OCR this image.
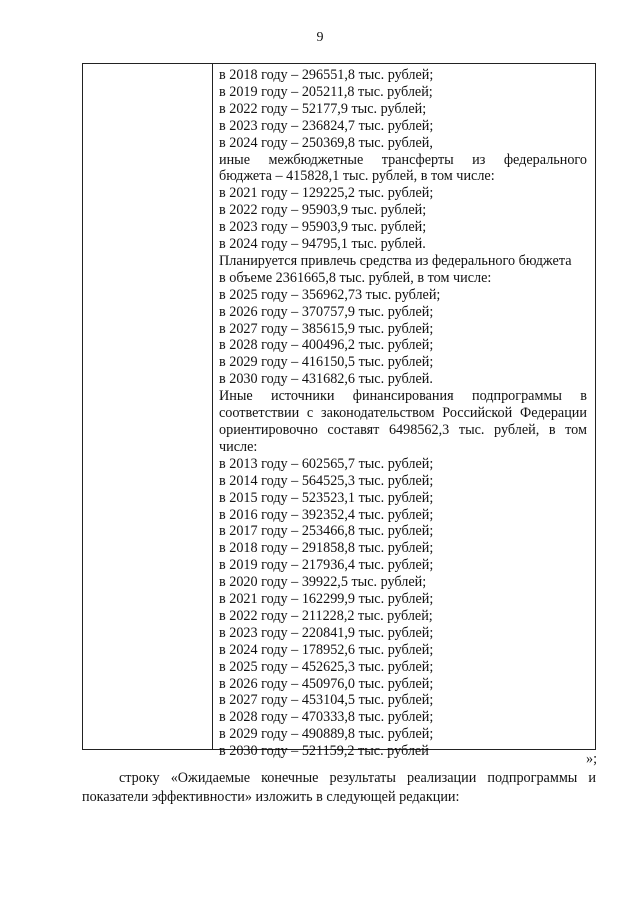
9
в 2018 году – 296551,8 тыс. рублей;
в 2019 году – 205211,8 тыс. рублей;
в 2022 году – 52177,9 тыс. рублей;
в 2023 году – 236824,7 тыс. рублей;
в 2024 году – 250369,8 тыс. рублей,
иные межбюджетные трансферты из федерального
бюджета – 415828,1 тыс. рублей, в том числе:
в 2021 году – 129225,2 тыс. рублей;
в 2022 году – 95903,9 тыс. рублей;
в 2023 году – 95903,9 тыс. рублей;
в 2024 году – 94795,1 тыс. рублей.
Планируется привлечь средства из федерального бюджета
в объеме 2361665,8 тыс. рублей, в том числе:
в 2025 году – 356962,73 тыс. рублей;
в 2026 году – 370757,9 тыс. рублей;
в 2027 году – 385615,9 тыс. рублей;
в 2028 году – 400496,2 тыс. рублей;
в 2029 году – 416150,5 тыс. рублей;
в 2030 году – 431682,6 тыс. рублей.
Иные источники финансирования подпрограммы в
соответствии с законодательством Российской Федерации
ориентировочно составят 6498562,3 тыс. рублей, в том
числе:
в 2013 году – 602565,7 тыс. рублей;
в 2014 году – 564525,3 тыс. рублей;
в 2015 году – 523523,1 тыс. рублей;
в 2016 году – 392352,4 тыс. рублей;
в 2017 году – 253466,8 тыс. рублей;
в 2018 году – 291858,8 тыс. рублей;
в 2019 году – 217936,4 тыс. рублей;
в 2020 году – 39922,5 тыс. рублей;
в 2021 году – 162299,9 тыс. рублей;
в 2022 году – 211228,2 тыс. рублей;
в 2023 году – 220841,9 тыс. рублей;
в 2024 году – 178952,6 тыс. рублей;
в 2025 году – 452625,3 тыс. рублей;
в 2026 году – 450976,0 тыс. рублей;
в 2027 году – 453104,5 тыс. рублей;
в 2028 году – 470333,8 тыс. рублей;
в 2029 году – 490889,8 тыс. рублей;
в 2030 году – 521159,2 тыс. рублей	»;
строку «Ожидаемые конечные результаты реализации подпрограммы и показатели эффективности» изложить в следующей редакции:
